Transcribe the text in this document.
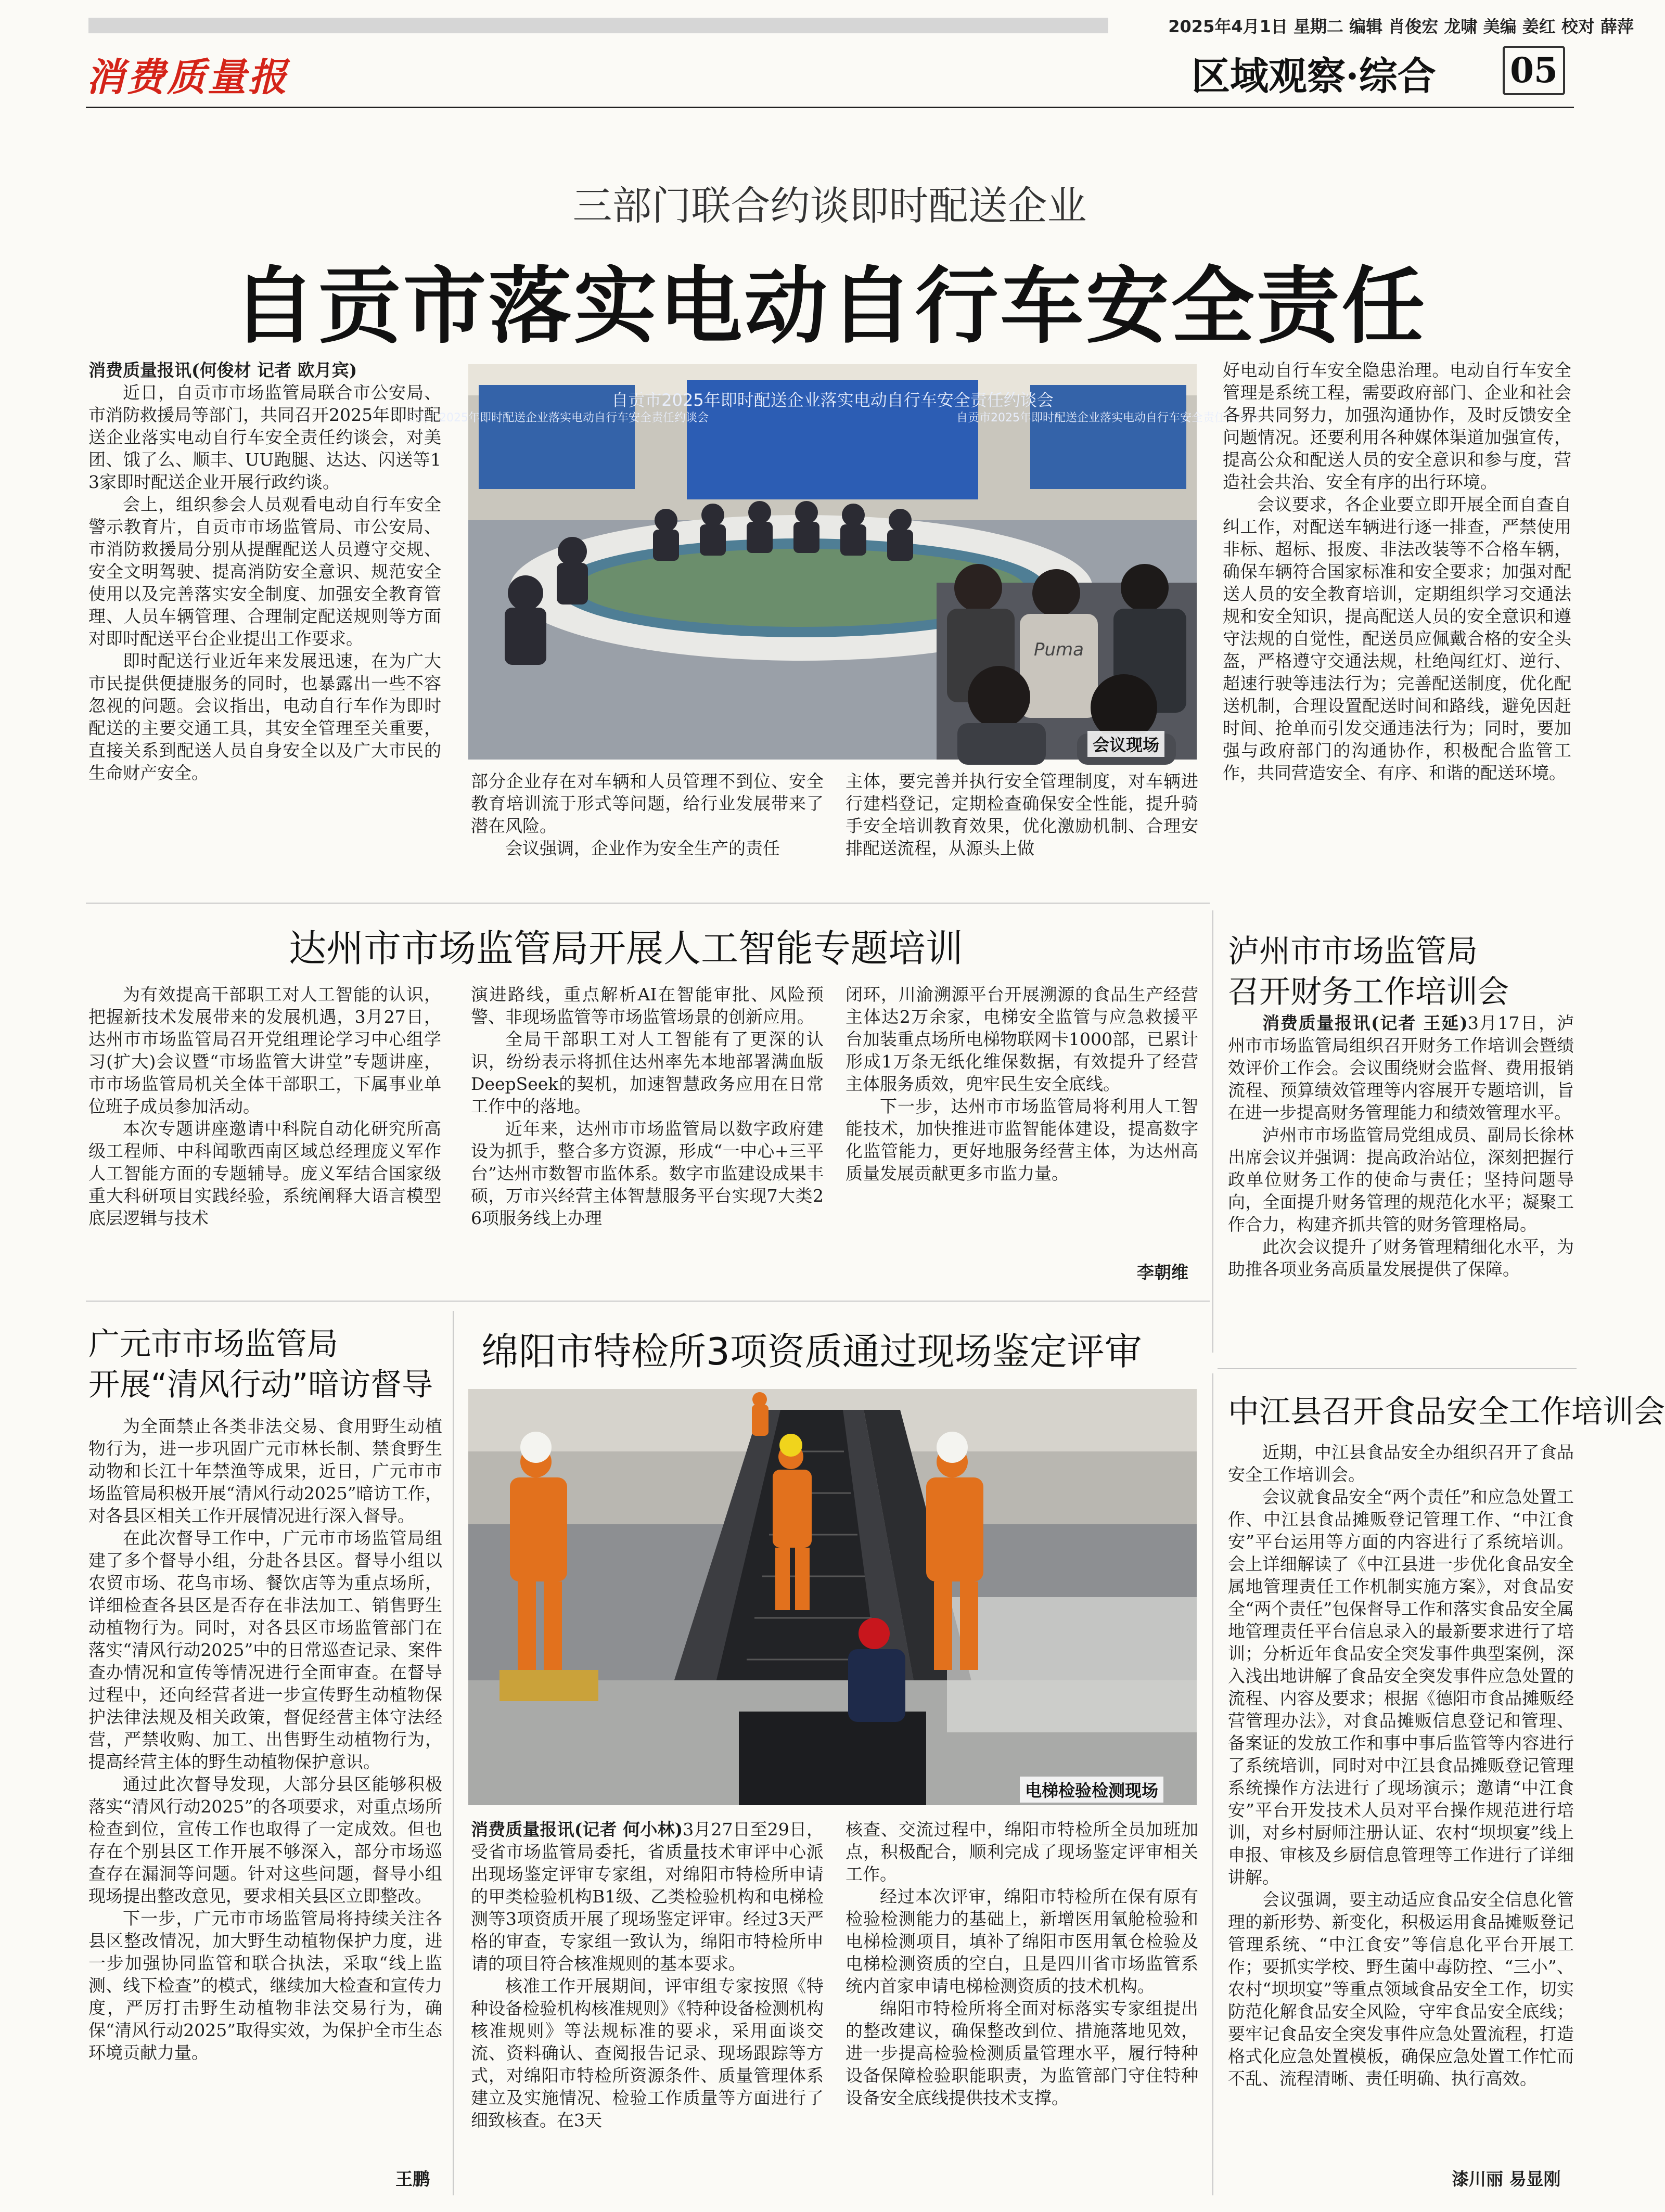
2025年4月1日 星期二 编辑 肖俊宏 龙啸 美编 姜红 校对 薛萍
消费质量报	区域观察·综合 05
三部门联合约谈即时配送企业
自贡市落实电动自行车安全责任

消费质量报讯(何俊材 记者 欧月宾)

近日，自贡市市场监管局联合市公安局、市消防救援局等部门，共同召开2025年即时配送企业落实电动自行车安全责任约谈会，对美团、饿了么、顺丰、UU跑腿、达达、闪送等13家即时配送企业开展行政约谈。

会上，组织参会人员观看电动自行车安全警示教育片，自贡市市场监管局、市公安局、市消防救援局分别从提醒配送人员遵守交规、安全文明驾驶、提高消防安全意识、规范安全使用以及完善落实安全制度、加强安全教育管理、人员车辆管理、合理制定配送规则等方面对即时配送平台企业提出工作要求。

即时配送行业近年来发展迅速，在为广大市民提供便捷服务的同时，也暴露出一些不容忽视的问题。会议指出，电动自行车作为即时配送的主要交通工具，其安全管理至关重要，直接关系到配送人员自身安全以及广大市民的生命财产安全。

自贡市2025年即时配送企业落实电动自行车安全责任约谈会
自贡市2025年即时配送企业落实电动自行车安全责任约谈会
自贡市2025年即时配送企业落实电动自行车安全责任约谈会
Puma
会议现场

部分企业存在对车辆和人员管理不到位、安全教育培训流于形式等问题，给行业发展带来了潜在风险。

会议强调，企业作为安全生产的责任

主体，要完善并执行安全管理制度，对车辆进行建档登记，定期检查确保安全性能，提升骑手安全培训教育效果，优化激励机制、合理安排配送流程，从源头上做

好电动自行车安全隐患治理。电动自行车安全管理是系统工程，需要政府部门、企业和社会各界共同努力，加强沟通协作，及时反馈安全问题情况。还要利用各种媒体渠道加强宣传，提高公众和配送人员的安全意识和参与度，营造社会共治、安全有序的出行环境。

会议要求，各企业要立即开展全面自查自纠工作，对配送车辆进行逐一排查，严禁使用非标、超标、报废、非法改装等不合格车辆，确保车辆符合国家标准和安全要求；加强对配送人员的安全教育培训，定期组织学习交通法规和安全知识，提高配送人员的安全意识和遵守法规的自觉性，配送员应佩戴合格的安全头盔，严格遵守交通法规，杜绝闯红灯、逆行、超速行驶等违法行为；完善配送制度，优化配送机制，合理设置配送时间和路线，避免因赶时间、抢单而引发交通违法行为；同时，要加强与政府部门的沟通协作，积极配合监管工作，共同营造安全、有序、和谐的配送环境。

达州市市场监管局开展人工智能专题培训

为有效提高干部职工对人工智能的认识，把握新技术发展带来的发展机遇，3月27日，达州市市场监管局召开党组理论学习中心组学习(扩大)会议暨“市场监管大讲堂”专题讲座，市市场监管局机关全体干部职工，下属事业单位班子成员参加活动。

本次专题讲座邀请中科院自动化研究所高级工程师、中科闻歌西南区域总经理庞义军作人工智能方面的专题辅导。庞义军结合国家级重大科研项目实践经验，系统阐释大语言模型底层逻辑与技术

演进路线，重点解析AI在智能审批、风险预警、非现场监管等市场监管场景的创新应用。

全局干部职工对人工智能有了更深的认识，纷纷表示将抓住达州率先本地部署满血版DeepSeek的契机，加速智慧政务应用在日常工作中的落地。

近年来，达州市市场监管局以数字政府建设为抓手，整合多方资源，形成“一中心+三平台”达州市数智市监体系。数字市监建设成果丰硕，万市兴经营主体智慧服务平台实现7大类26项服务线上办理

闭环，川渝溯源平台开展溯源的食品生产经营主体达2万余家，电梯安全监管与应急救援平台加装重点场所电梯物联网卡1000部，已累计形成1万条无纸化维保数据，有效提升了经营主体服务质效，兜牢民生安全底线。

下一步，达州市市场监管局将利用人工智能技术，加快推进市监智能体建设，提高数字化监管能力，更好地服务经营主体，为达州高质量发展贡献更多市监力量。

李朝维
泸州市市场监管局
召开财务工作培训会

消费质量报讯(记者 王延)3月17日，泸州市市场监管局组织召开财务工作培训会暨绩效评价工作会。会议围绕财会监督、费用报销流程、预算绩效管理等内容展开专题培训，旨在进一步提高财务管理能力和绩效管理水平。

泸州市市场监管局党组成员、副局长徐林出席会议并强调：提高政治站位，深刻把握行政单位财务工作的使命与责任；坚持问题导向，全面提升财务管理的规范化水平；凝聚工作合力，构建齐抓共管的财务管理格局。

此次会议提升了财务管理精细化水平，为助推各项业务高质量发展提供了保障。

广元市市场监管局
开展“清风行动”暗访督导

为全面禁止各类非法交易、食用野生动植物行为，进一步巩固广元市林长制、禁食野生动物和长江十年禁渔等成果，近日，广元市市场监管局积极开展“清风行动2025”暗访工作，对各县区相关工作开展情况进行深入督导。

在此次督导工作中，广元市市场监管局组建了多个督导小组，分赴各县区。督导小组以农贸市场、花鸟市场、餐饮店等为重点场所，详细检查各县区是否存在非法加工、销售野生动植物行为。同时，对各县区市场监管部门在落实“清风行动2025”中的日常巡查记录、案件查办情况和宣传等情况进行全面审查。在督导过程中，还向经营者进一步宣传野生动植物保护法律法规及相关政策，督促经营主体守法经营，严禁收购、加工、出售野生动植物行为，提高经营主体的野生动植物保护意识。

通过此次督导发现，大部分县区能够积极落实“清风行动2025”的各项要求，对重点场所检查到位，宣传工作也取得了一定成效。但也存在个别县区工作开展不够深入，部分市场巡查存在漏洞等问题。针对这些问题，督导小组现场提出整改意见，要求相关县区立即整改。

下一步，广元市市场监管局将持续关注各县区整改情况，加大野生动植物保护力度，进一步加强协同监管和联合执法，采取“线上监测、线下检查”的模式，继续加大检查和宣传力度，严厉打击野生动植物非法交易行为，确保“清风行动2025”取得实效，为保护全市生态环境贡献力量。

王鹏
绵阳市特检所3项资质通过现场鉴定评审
电梯检验检测现场

消费质量报讯(记者 何小林)3月27日至29日，受省市场监管局委托，省质量技术审评中心派出现场鉴定评审专家组，对绵阳市特检所申请的甲类检验机构B1级、乙类检验机构和电梯检测等3项资质开展了现场鉴定评审。经过3天严格的审查，专家组一致认为，绵阳市特检所申请的项目符合核准规则的基本要求。

核准工作开展期间，评审组专家按照《特种设备检验机构核准规则》《特种设备检测机构核准规则》等法规标准的要求，采用面谈交流、资料确认、查阅报告记录、现场跟踪等方式，对绵阳市特检所资源条件、质量管理体系建立及实施情况、检验工作质量等方面进行了细致核查。在3天

核查、交流过程中，绵阳市特检所全员加班加点，积极配合，顺利完成了现场鉴定评审相关工作。

经过本次评审，绵阳市特检所在保有原有检验检测能力的基础上，新增医用氧舱检验和电梯检测项目，填补了绵阳市医用氧仓检验及电梯检测资质的空白，且是四川省市场监管系统内首家申请电梯检测资质的技术机构。

绵阳市特检所将全面对标落实专家组提出的整改建议，确保整改到位、措施落地见效，进一步提高检验检测质量管理水平，履行特种设备保障检验职能职责，为监管部门守住特种设备安全底线提供技术支撑。

中江县召开食品安全工作培训会

近期，中江县食品安全办组织召开了食品安全工作培训会。

会议就食品安全“两个责任”和应急处置工作、中江县食品摊贩登记管理工作、“中江食安”平台运用等方面的内容进行了系统培训。会上详细解读了《中江县进一步优化食品安全属地管理责任工作机制实施方案》，对食品安全“两个责任”包保督导工作和落实食品安全属地管理责任平台信息录入的最新要求进行了培训；分析近年食品安全突发事件典型案例，深入浅出地讲解了食品安全突发事件应急处置的流程、内容及要求；根据《德阳市食品摊贩经营管理办法》，对食品摊贩信息登记和管理、备案证的发放工作和事中事后监管等内容进行了系统培训，同时对中江县食品摊贩登记管理系统操作方法进行了现场演示；邀请“中江食安”平台开发技术人员对平台操作规范进行培训，对乡村厨师注册认证、农村“坝坝宴”线上申报、审核及乡厨信息管理等工作进行了详细讲解。

会议强调，要主动适应食品安全信息化管理的新形势、新变化，积极运用食品摊贩登记管理系统、“中江食安”等信息化平台开展工作；要抓实学校、野生菌中毒防控、“三小”、农村“坝坝宴”等重点领域食品安全工作，切实防范化解食品安全风险，守牢食品安全底线；要牢记食品安全突发事件应急处置流程，打造格式化应急处置模板，确保应急处置工作忙而不乱、流程清晰、责任明确、执行高效。

漆川丽 易显刚
